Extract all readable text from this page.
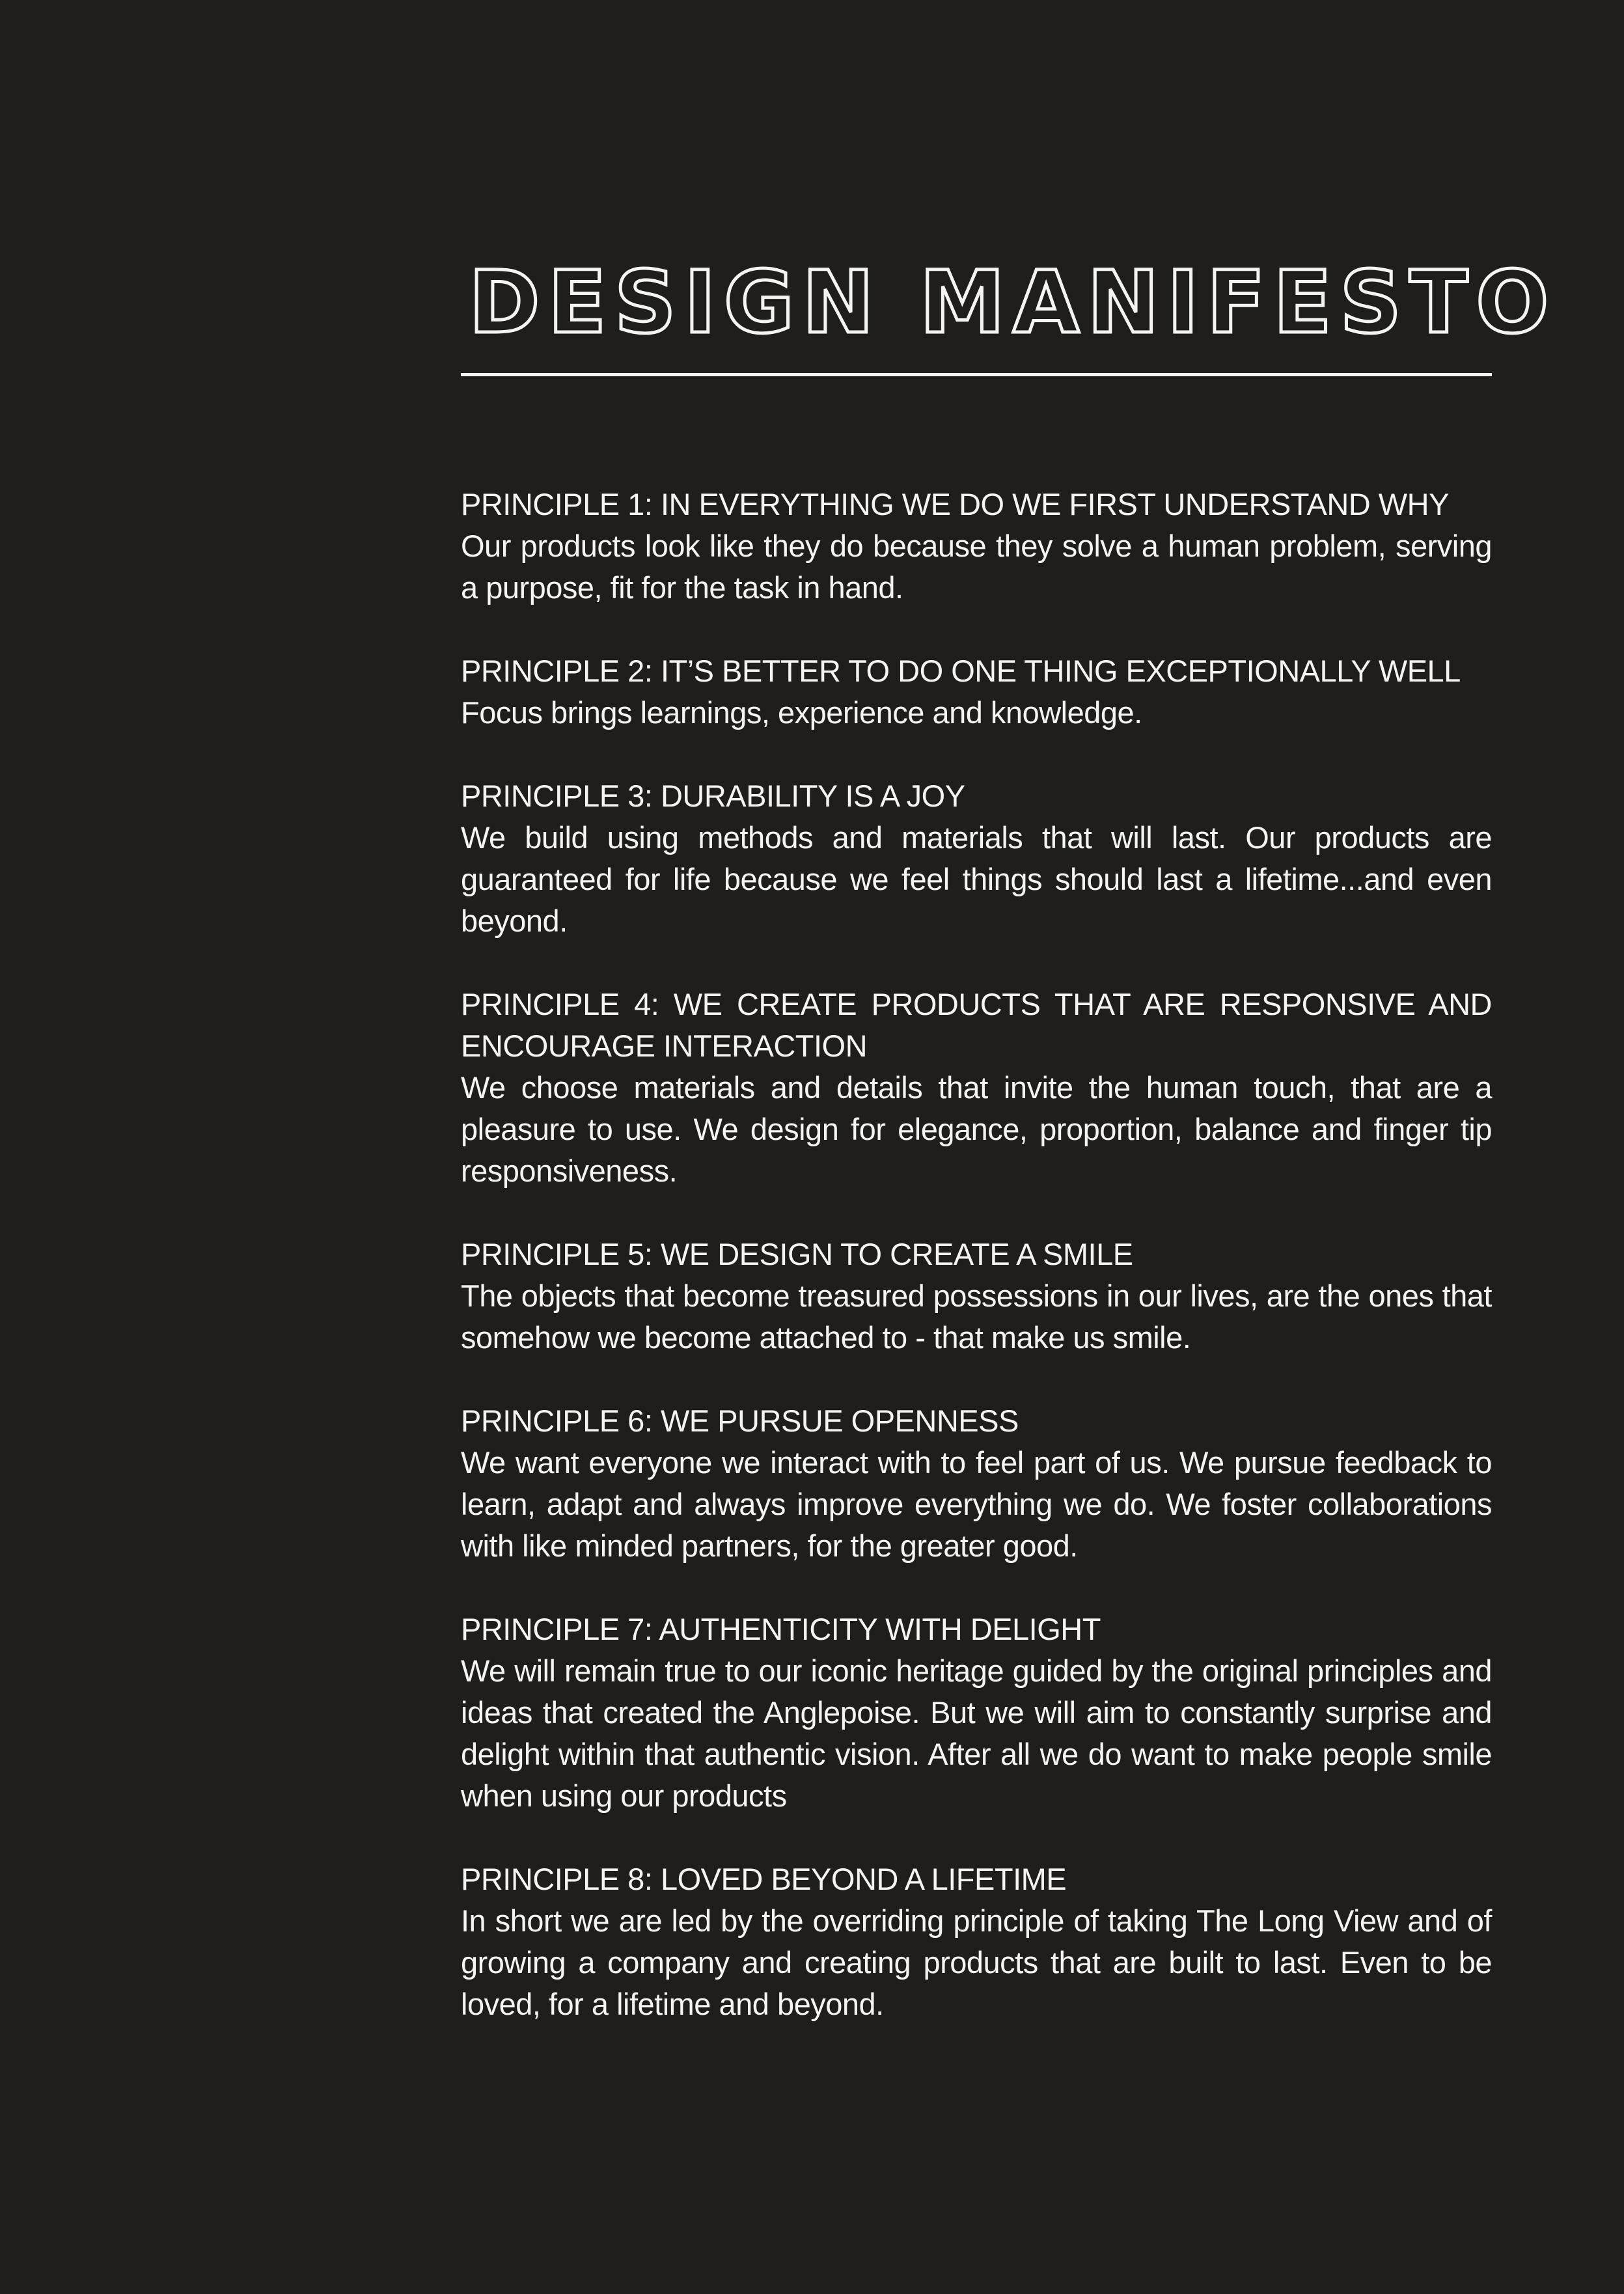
DESIGN MANIFESTO

PRINCIPLE 1: IN EVERYTHING WE DO WE FIRST UNDERSTAND WHY

Our products look like they do because they solve a human problem, serving a purpose, fit for the task in hand.

PRINCIPLE 2: IT’S BETTER TO DO ONE THING EXCEPTIONALLY WELL

Focus brings learnings, experience and knowledge.

PRINCIPLE 3: DURABILITY IS A JOY

We build using methods and materials that will last. Our products are guaranteed for life because we feel things should last a lifetime...and even beyond.

PRINCIPLE 4: WE CREATE PRODUCTS THAT ARE RESPONSIVE AND ENCOURAGE INTERACTION

We choose materials and details that invite the human touch, that are a pleasure to use. We design for elegance, proportion, balance and finger tip responsiveness.

PRINCIPLE 5: WE DESIGN TO CREATE A SMILE

The objects that become treasured possessions in our lives, are the ones that somehow we become attached to - that make us smile.

PRINCIPLE 6: WE PURSUE OPENNESS

We want everyone we interact with to feel part of us. We pursue feedback to learn, adapt and always improve everything we do. We foster collaborations with like minded partners, for the greater good.

PRINCIPLE 7: AUTHENTICITY WITH DELIGHT

We will remain true to our iconic heritage guided by the original principles and ideas that created the Anglepoise. But we will aim to constantly surprise and delight within that authentic vision. After all we do want to make people smile when using our products

PRINCIPLE 8: LOVED BEYOND A LIFETIME

In short we are led by the overriding principle of taking The Long View and of growing a company and creating products that are built to last. Even to be loved, for a lifetime and beyond.
